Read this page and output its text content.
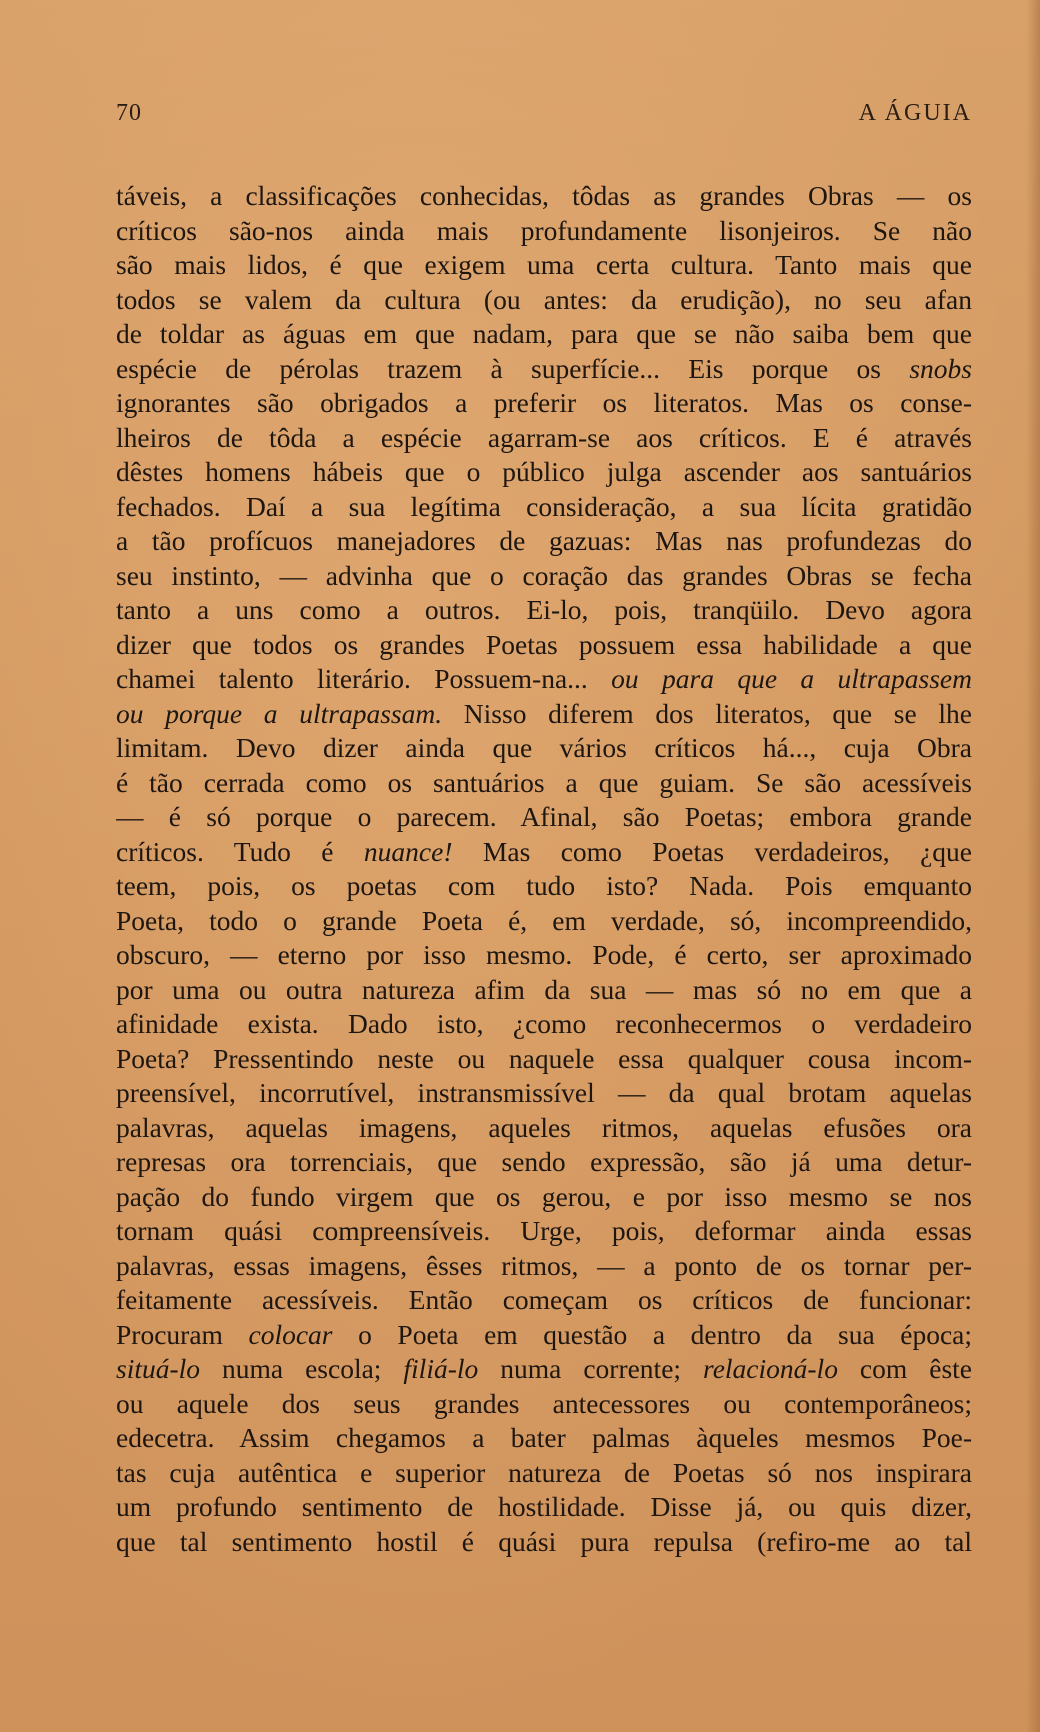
70	A ÁGUIA
táveis, a classificações conhecidas, tôdas as grandes Obras — os
críticos são-nos ainda mais profundamente lisonjeiros. Se não
são mais lidos, é que exigem uma certa cultura. Tanto mais que
todos se valem da cultura (ou antes: da erudição), no seu afan
de toldar as águas em que nadam, para que se não saiba bem que
espécie de pérolas trazem à superfície... Eis porque os snobs
ignorantes são obrigados a preferir os literatos. Mas os conse-
lheiros de tôda a espécie agarram-se aos críticos. E é através
dêstes homens hábeis que o público julga ascender aos santuários
fechados. Daí a sua legítima consideração, a sua lícita gratidão
a tão profícuos manejadores de gazuas: Mas nas profundezas do
seu instinto, — advinha que o coração das grandes Obras se fecha
tanto a uns como a outros. Ei-lo, pois, tranqüilo. Devo agora
dizer que todos os grandes Poetas possuem essa habilidade a que
chamei talento literário. Possuem-na... ou para que a ultrapassem
ou porque a ultrapassam. Nisso diferem dos literatos, que se lhe
limitam. Devo dizer ainda que vários críticos há..., cuja Obra
é tão cerrada como os santuários a que guiam. Se são acessíveis
— é só porque o parecem. Afinal, são Poetas; embora grande
críticos. Tudo é nuance! Mas como Poetas verdadeiros, ¿que
teem, pois, os poetas com tudo isto? Nada. Pois emquanto
Poeta, todo o grande Poeta é, em verdade, só, incompreendido,
obscuro, — eterno por isso mesmo. Pode, é certo, ser aproximado
por uma ou outra natureza afim da sua — mas só no em que a
afinidade exista. Dado isto, ¿como reconhecermos o verdadeiro
Poeta? Pressentindo neste ou naquele essa qualquer cousa incom-
preensível, incorrutível, instransmissível — da qual brotam aquelas
palavras, aquelas imagens, aqueles ritmos, aquelas efusões ora
represas ora torrenciais, que sendo expressão, são já uma detur-
pação do fundo virgem que os gerou, e por isso mesmo se nos
tornam quási compreensíveis. Urge, pois, deformar ainda essas
palavras, essas imagens, êsses ritmos, — a ponto de os tornar per-
feitamente acessíveis. Então começam os críticos de funcionar:
Procuram colocar o Poeta em questão a dentro da sua época;
situá-lo numa escola; filiá-lo numa corrente; relacioná-lo com êste
ou aquele dos seus grandes antecessores ou contemporâneos;
edecetra. Assim chegamos a bater palmas àqueles mesmos Poe-
tas cuja autêntica e superior natureza de Poetas só nos inspirara
um profundo sentimento de hostilidade. Disse já, ou quis dizer,
que tal sentimento hostil é quási pura repulsa (refiro-me ao tal
